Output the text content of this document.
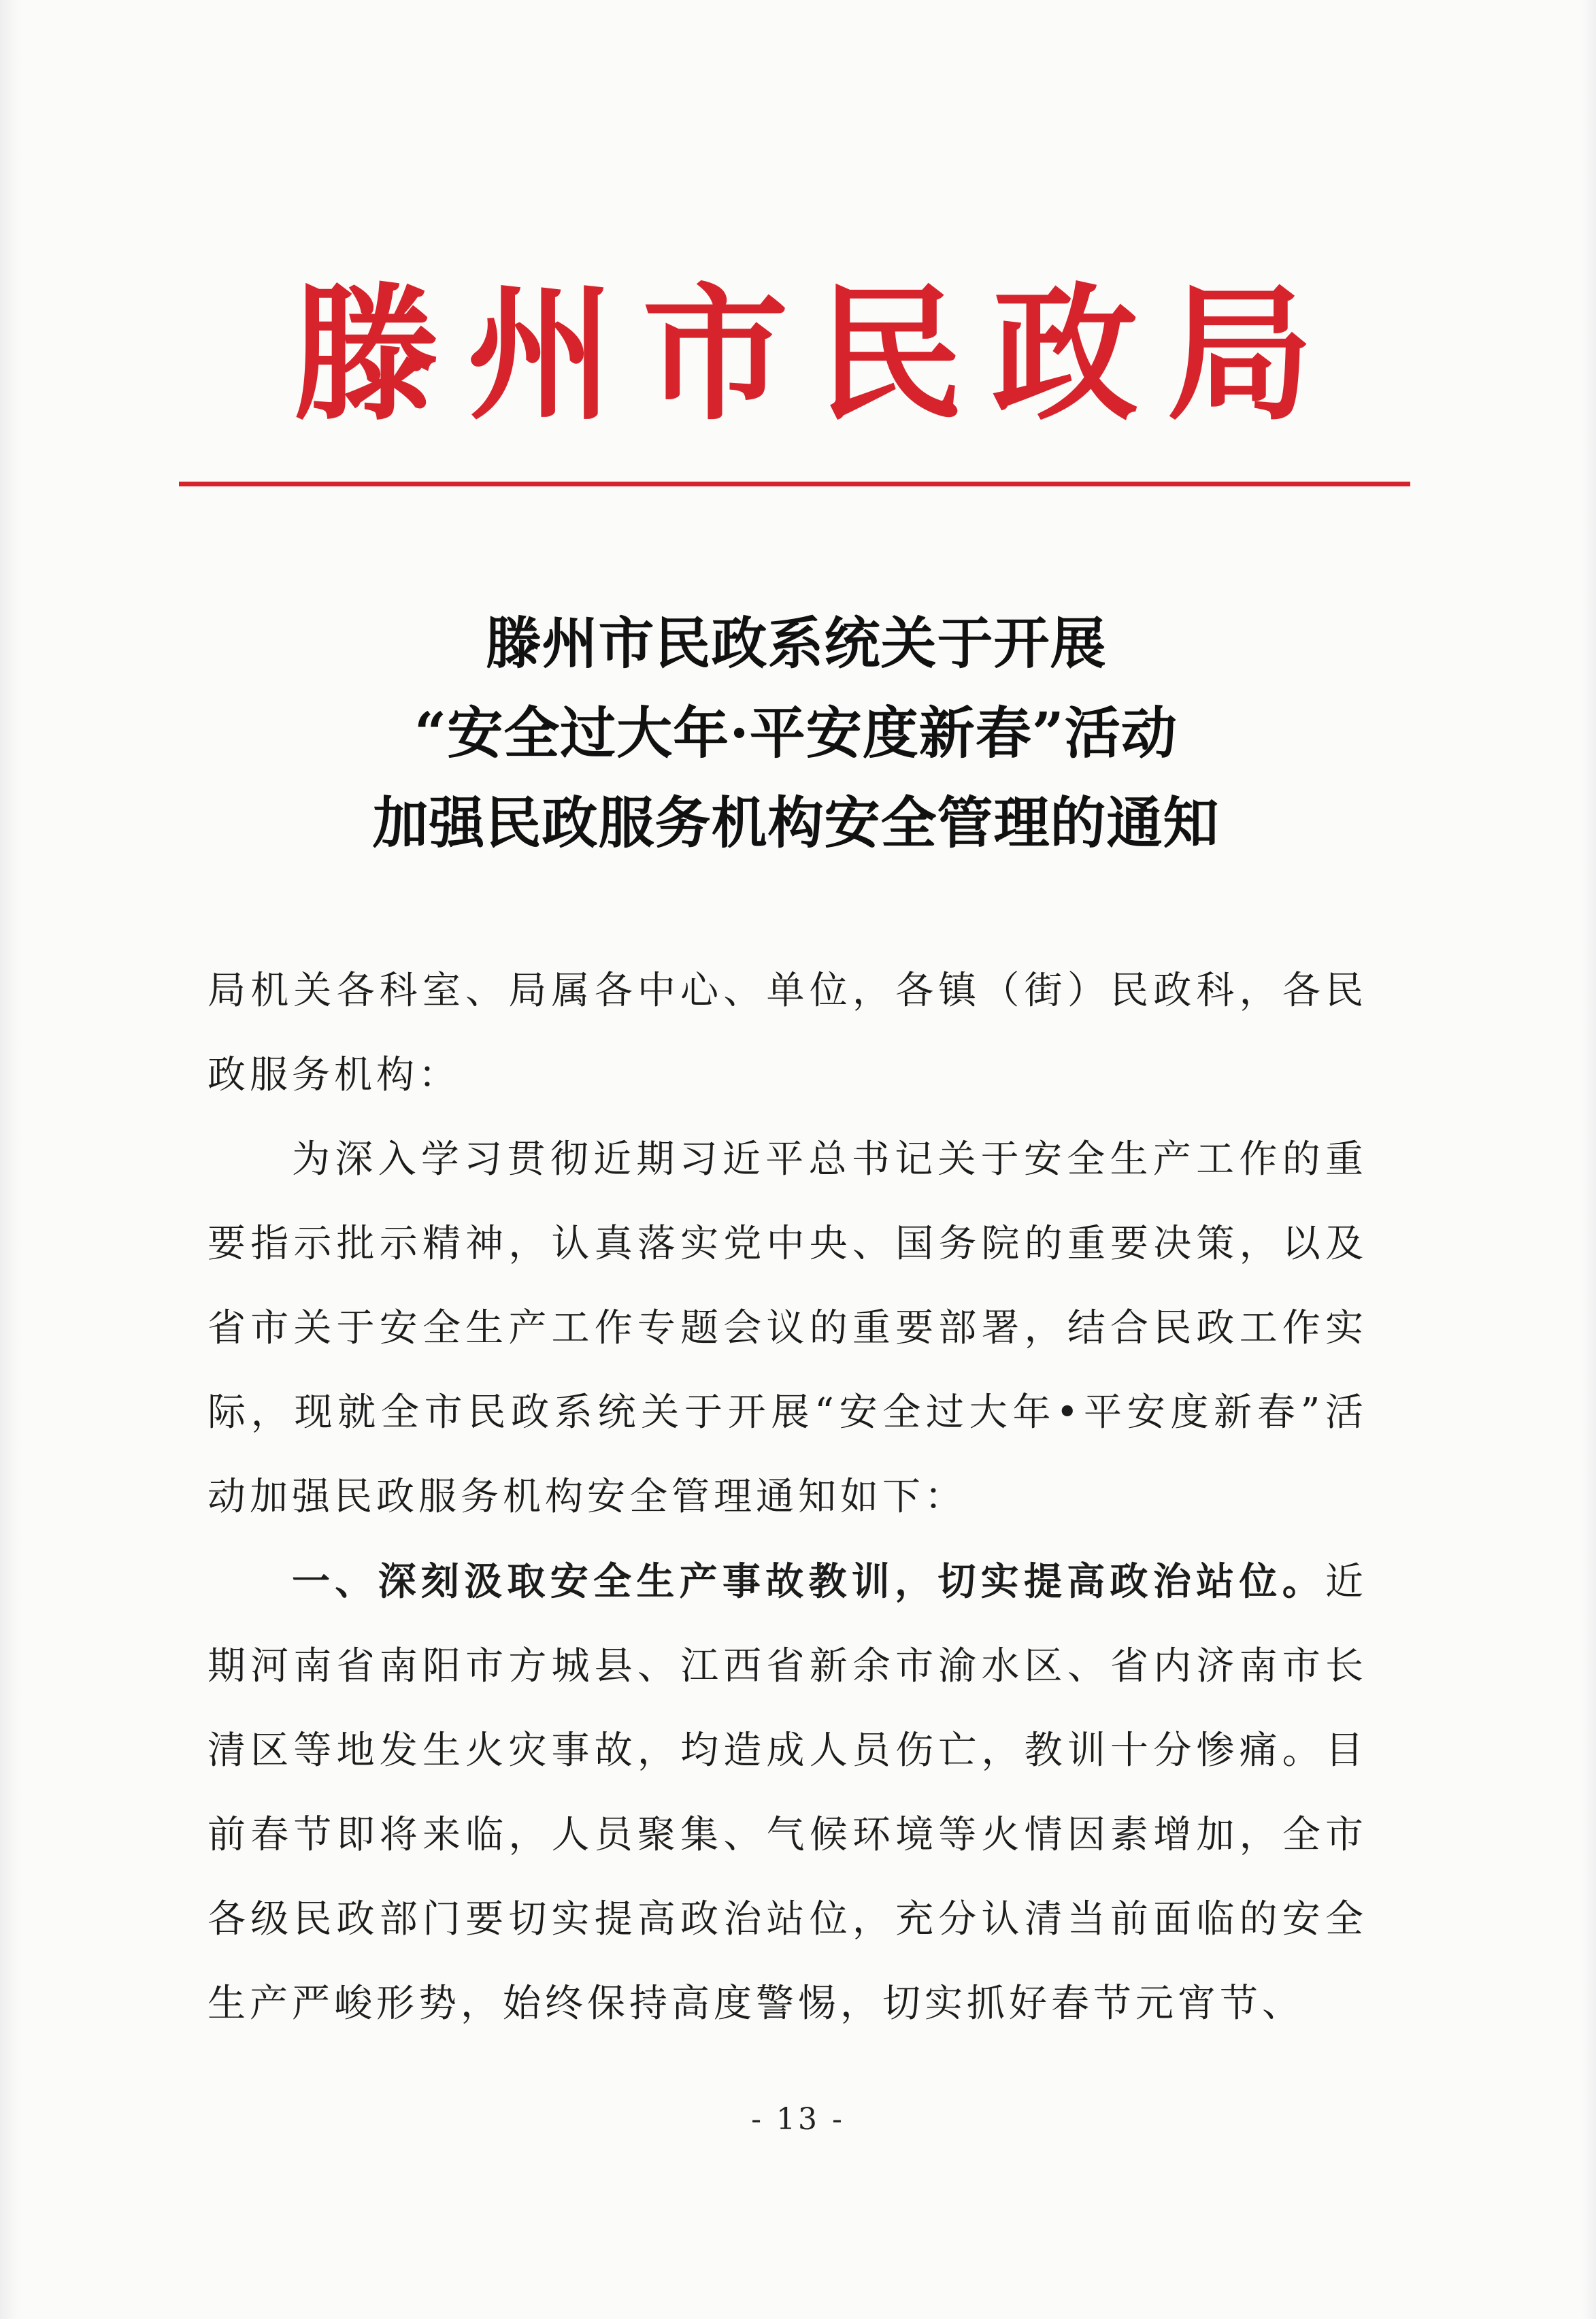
滕 州 市 民 政 局
滕州市民政系统关于开展
“安全过大年·平安度新春”活动
加强民政服务机构安全管理的通知

局机关各科室、局属各中心、单位，各镇（街）民政科，各民政服务机构：

为深入学习贯彻近期习近平总书记关于安全生产工作的重要指示批示精神，认真落实党中央、国务院的重要决策，以及省市关于安全生产工作专题会议的重要部署，结合民政工作实际，现就全市民政系统关于开展“安全过大年•平安度新春”活动加强民政服务机构安全管理通知如下：

一、深刻汲取安全生产事故教训，切实提高政治站位。近期河南省南阳市方城县、江西省新余市渝水区、省内济南市长清区等地发生火灾事故，均造成人员伤亡，教训十分惨痛。目前春节即将来临，人员聚集、气候环境等火情因素增加，全市各级民政部门要切实提高政治站位，充分认清当前面临的安全生产严峻形势，始终保持高度警惕，切实抓好春节元宵节、

- 13 -
